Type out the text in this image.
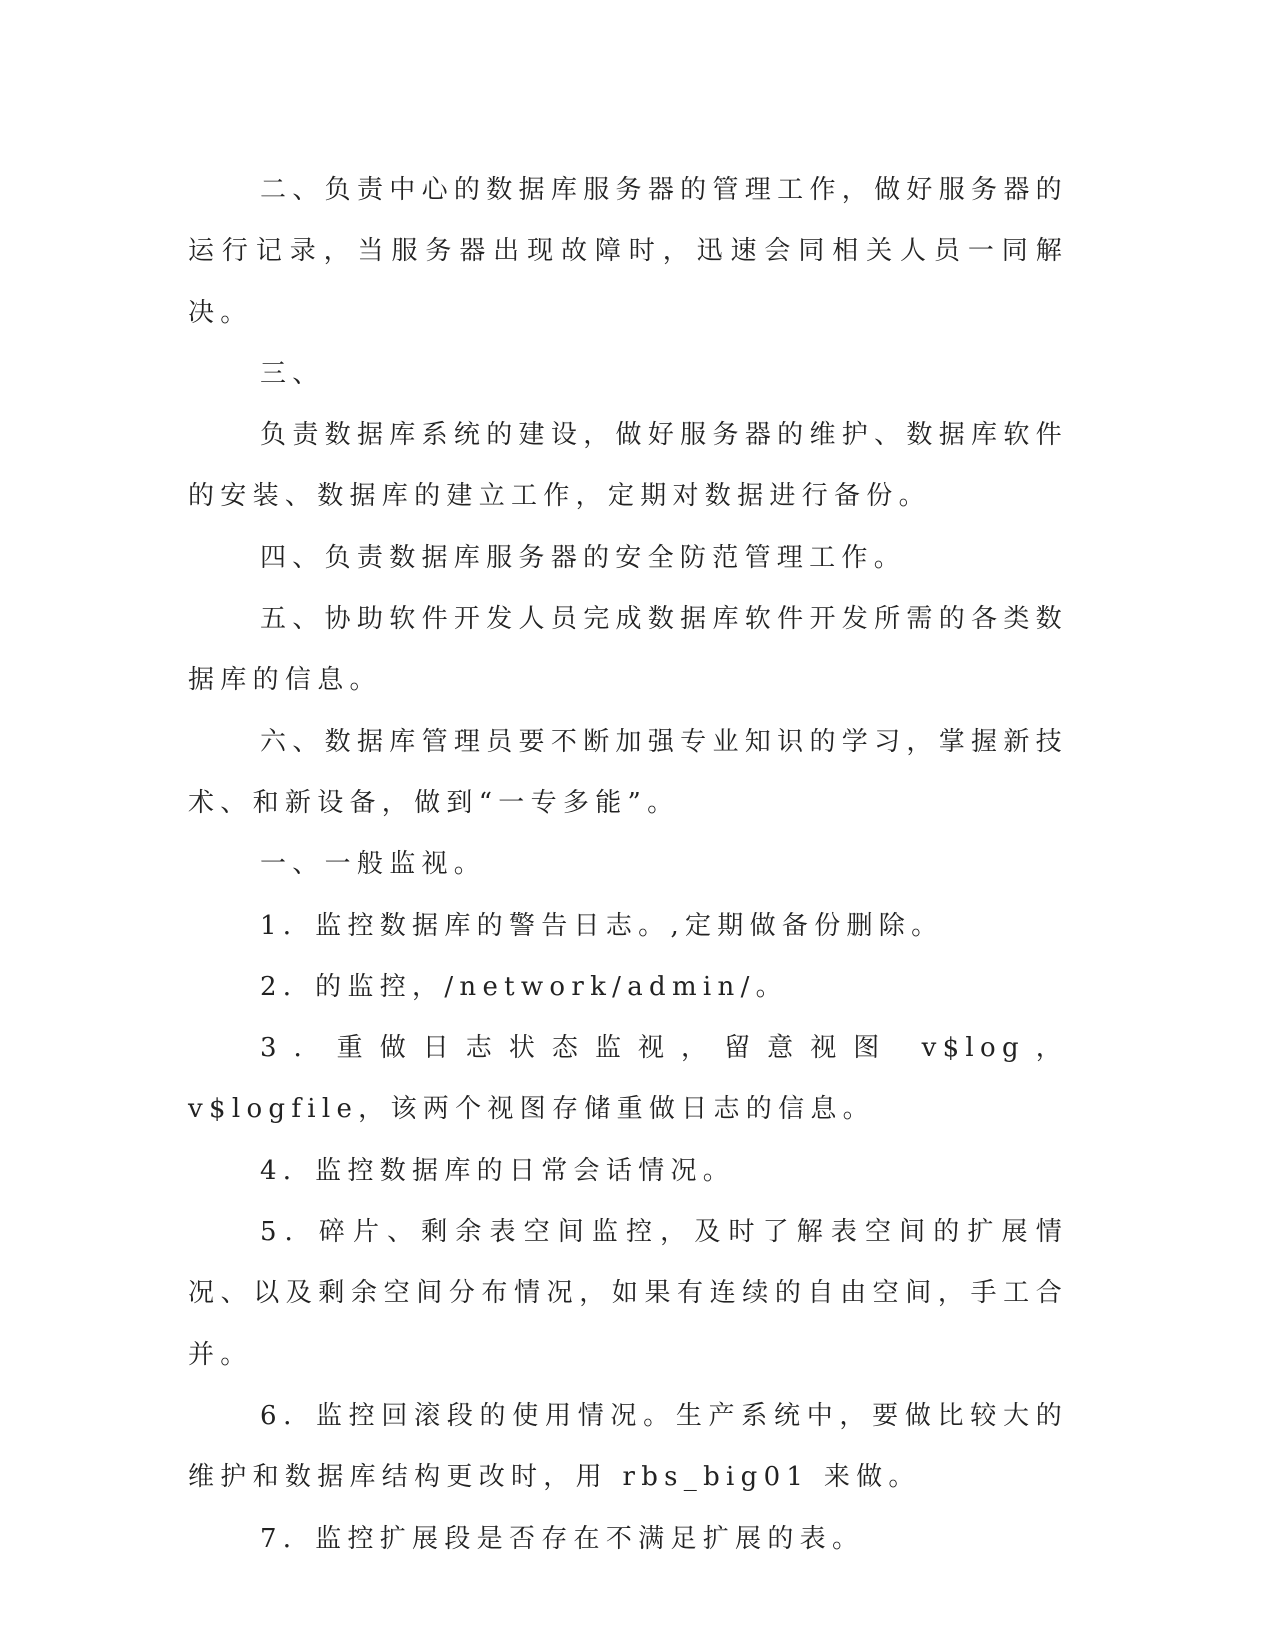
二、负责中心的数据库服务器的管理工作，做好服务器的运行记录，当服务器出现故障时，迅速会同相关人员一同解决。

三、

负责数据库系统的建设，做好服务器的维护、数据库软件的安装、数据库的建立工作，定期对数据进行备份。

四、负责数据库服务器的安全防范管理工作。

五、协助软件开发人员完成数据库软件开发所需的各类数据库的信息。

六、数据库管理员要不断加强专业知识的学习，掌握新技术、和新设备，做到“一专多能”。

一、一般监视。

1．监控数据库的警告日志。,定期做备份删除。

2．的监控，/network/admin/。

3．重做日志状态监视，留意视图 v$log，v$logfile，该两个视图存储重做日志的信息。

4．监控数据库的日常会话情况。

5．碎片、剩余表空间监控，及时了解表空间的扩展情况、以及剩余空间分布情况，如果有连续的自由空间，手工合并。

6．监控回滚段的使用情况。生产系统中，要做比较大的维护和数据库结构更改时，用 rbs_big01 来做。

7．监控扩展段是否存在不满足扩展的表。
